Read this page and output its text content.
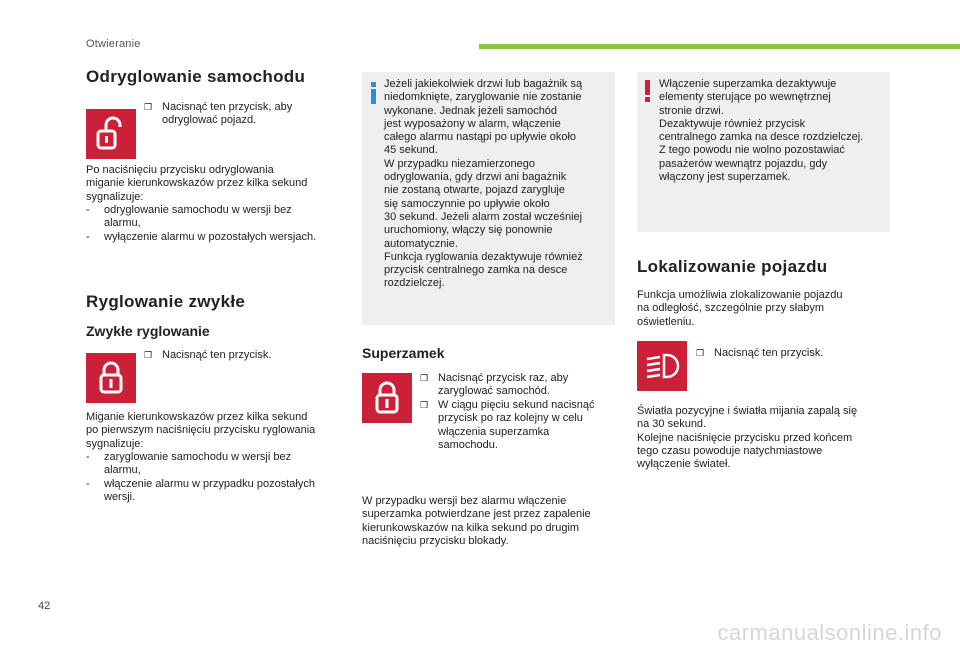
Otwieranie
Odryglowanie samochodu
❒ Nacisnąć ten przycisk, aby
odryglować pojazd.
Po naciśnięciu przycisku odryglowania
miganie kierunkowskazów przez kilka sekund
sygnalizuje:
- odryglowanie samochodu w wersji bez
alarmu,
- wyłączenie alarmu w pozostałych wersjach.
Ryglowanie zwykłe
Zwykłe ryglowanie
❒ Nacisnąć ten przycisk.
Miganie kierunkowskazów przez kilka sekund
po pierwszym naciśnięciu przycisku ryglowania
sygnalizuje:
- zaryglowanie samochodu w wersji bez
alarmu,
- włączenie alarmu w przypadku pozostałych
wersji.
Jeżeli jakiekolwiek drzwi lub bagażnik są
niedomknięte, zaryglowanie nie zostanie
wykonane. Jednak jeżeli samochód
jest wyposażony w alarm, włączenie
całego alarmu nastąpi po upływie około
45 sekund.
W przypadku niezamierzonego
odryglowania, gdy drzwi ani bagażnik
nie zostaną otwarte, pojazd zarygluje
się samoczynnie po upływie około
30 sekund. Jeżeli alarm został wcześniej
uruchomiony, włączy się ponownie
automatycznie.
Funkcja ryglowania dezaktywuje również
przycisk centralnego zamka na desce
rozdzielczej.
Superzamek
❒ Nacisnąć przycisk raz, aby
zaryglować samochód.
❒ W ciągu pięciu sekund nacisnąć
przycisk po raz kolejny w celu
włączenia superzamka
samochodu.
W przypadku wersji bez alarmu włączenie
superzamka potwierdzane jest przez zapalenie
kierunkowskazów na kilka sekund po drugim
naciśnięciu przycisku blokady.
Włączenie superzamka dezaktywuje
elementy sterujące po wewnętrznej
stronie drzwi.
Dezaktywuje również przycisk
centralnego zamka na desce rozdzielczej.
Z tego powodu nie wolno pozostawiać
pasażerów wewnątrz pojazdu, gdy
włączony jest superzamek.
Lokalizowanie pojazdu
Funkcja umożliwia zlokalizowanie pojazdu
na odległość, szczególnie przy słabym
oświetleniu.
❒ Nacisnąć ten przycisk.
Światła pozycyjne i światła mijania zapalą się
na 30 sekund.
Kolejne naciśnięcie przycisku przed końcem
tego czasu powoduje natychmiastowe
wyłączenie świateł.
42
carmanualsonline.info
